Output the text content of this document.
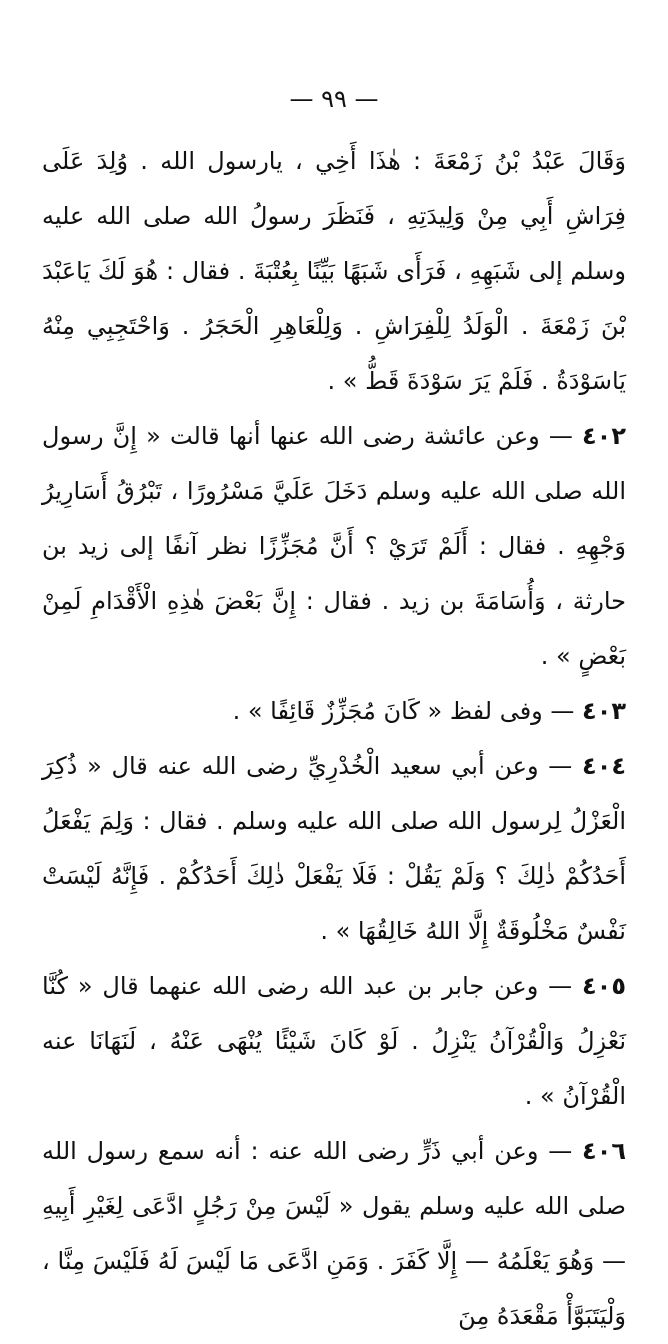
— ٩٩ —

وَقَالَ عَبْدُ بْنُ زَمْعَةَ : هٰذَا أَخِي ، يارسول الله . وُلِدَ عَلَى فِرَاشِ أَبِي مِنْ وَلِيدَتِهِ ، فَنَظَرَ رسولُ الله صلى الله عليه وسلم إلى شَبَهِهِ ، فَرَأَى شَبَهًا بَيِّنًا بِعُتْبَةَ . فقال : هُوَ لَكَ يَاعَبْدَ بْنَ زَمْعَةَ . الْوَلَدُ لِلْفِرَاشِ . وَلِلْعَاهِرِ الْحَجَرُ . وَاحْتَجِبِي مِنْهُ يَاسَوْدَةُ . فَلَمْ يَرَ سَوْدَةَ قَطُّ » .

٤٠٢ — وعن عائشة رضى الله عنها أنها قالت « إِنَّ رسول الله صلى الله عليه وسلم دَخَلَ عَلَيَّ مَسْرُورًا ، تَبْرُقُ أَسَارِيرُ وَجْهِهِ . فقال : أَلَمْ تَرَيْ ؟ أَنَّ مُجَزِّزًا نظر آنفًا إلى زيد بن حارثة ، وَأُسَامَةَ بن زيد . فقال : إِنَّ بَعْضَ هٰذِهِ الْأَقْدَامِ لَمِنْ بَعْضٍ » .

٤٠٣ — وفى لفظ « كَانَ مُجَزِّزٌ قَائِفًا » .

٤٠٤ — وعن أبي سعيد الْخُدْرِيِّ رضى الله عنه قال « ذُكِرَ الْعَزْلُ لِرسول الله صلى الله عليه وسلم . فقال : وَلِمَ يَفْعَلُ أَحَدُكُمْ ذٰلِكَ ؟ وَلَمْ يَقُلْ : فَلَا يَفْعَلْ ذٰلِكَ أَحَدُكُمْ . فَإِنَّهُ لَيْسَتْ نَفْسٌ مَخْلُوقَةٌ إِلَّا اللهُ خَالِقُهَا » .

٤٠٥ — وعن جابر بن عبد الله رضى الله عنهما قال « كُنَّا نَعْزِلُ وَالْقُرْآنُ يَنْزِلُ . لَوْ كَانَ شَيْئًا يُنْهَى عَنْهُ ، لَنَهَانَا عنه الْقُرْآنُ » .

٤٠٦ — وعن أبي ذَرٍّ رضى الله عنه : أنه سمع رسول الله صلى الله عليه وسلم يقول « لَيْسَ مِنْ رَجُلٍ ادَّعَى لِغَيْرِ أَبِيهِ — وَهُوَ يَعْلَمُهُ — إِلَّا كَفَرَ . وَمَنِ ادَّعَى مَا لَيْسَ لَهُ فَلَيْسَ مِنَّا ، وَلْيَتَبَوَّأْ مَقْعَدَهُ مِنَ
